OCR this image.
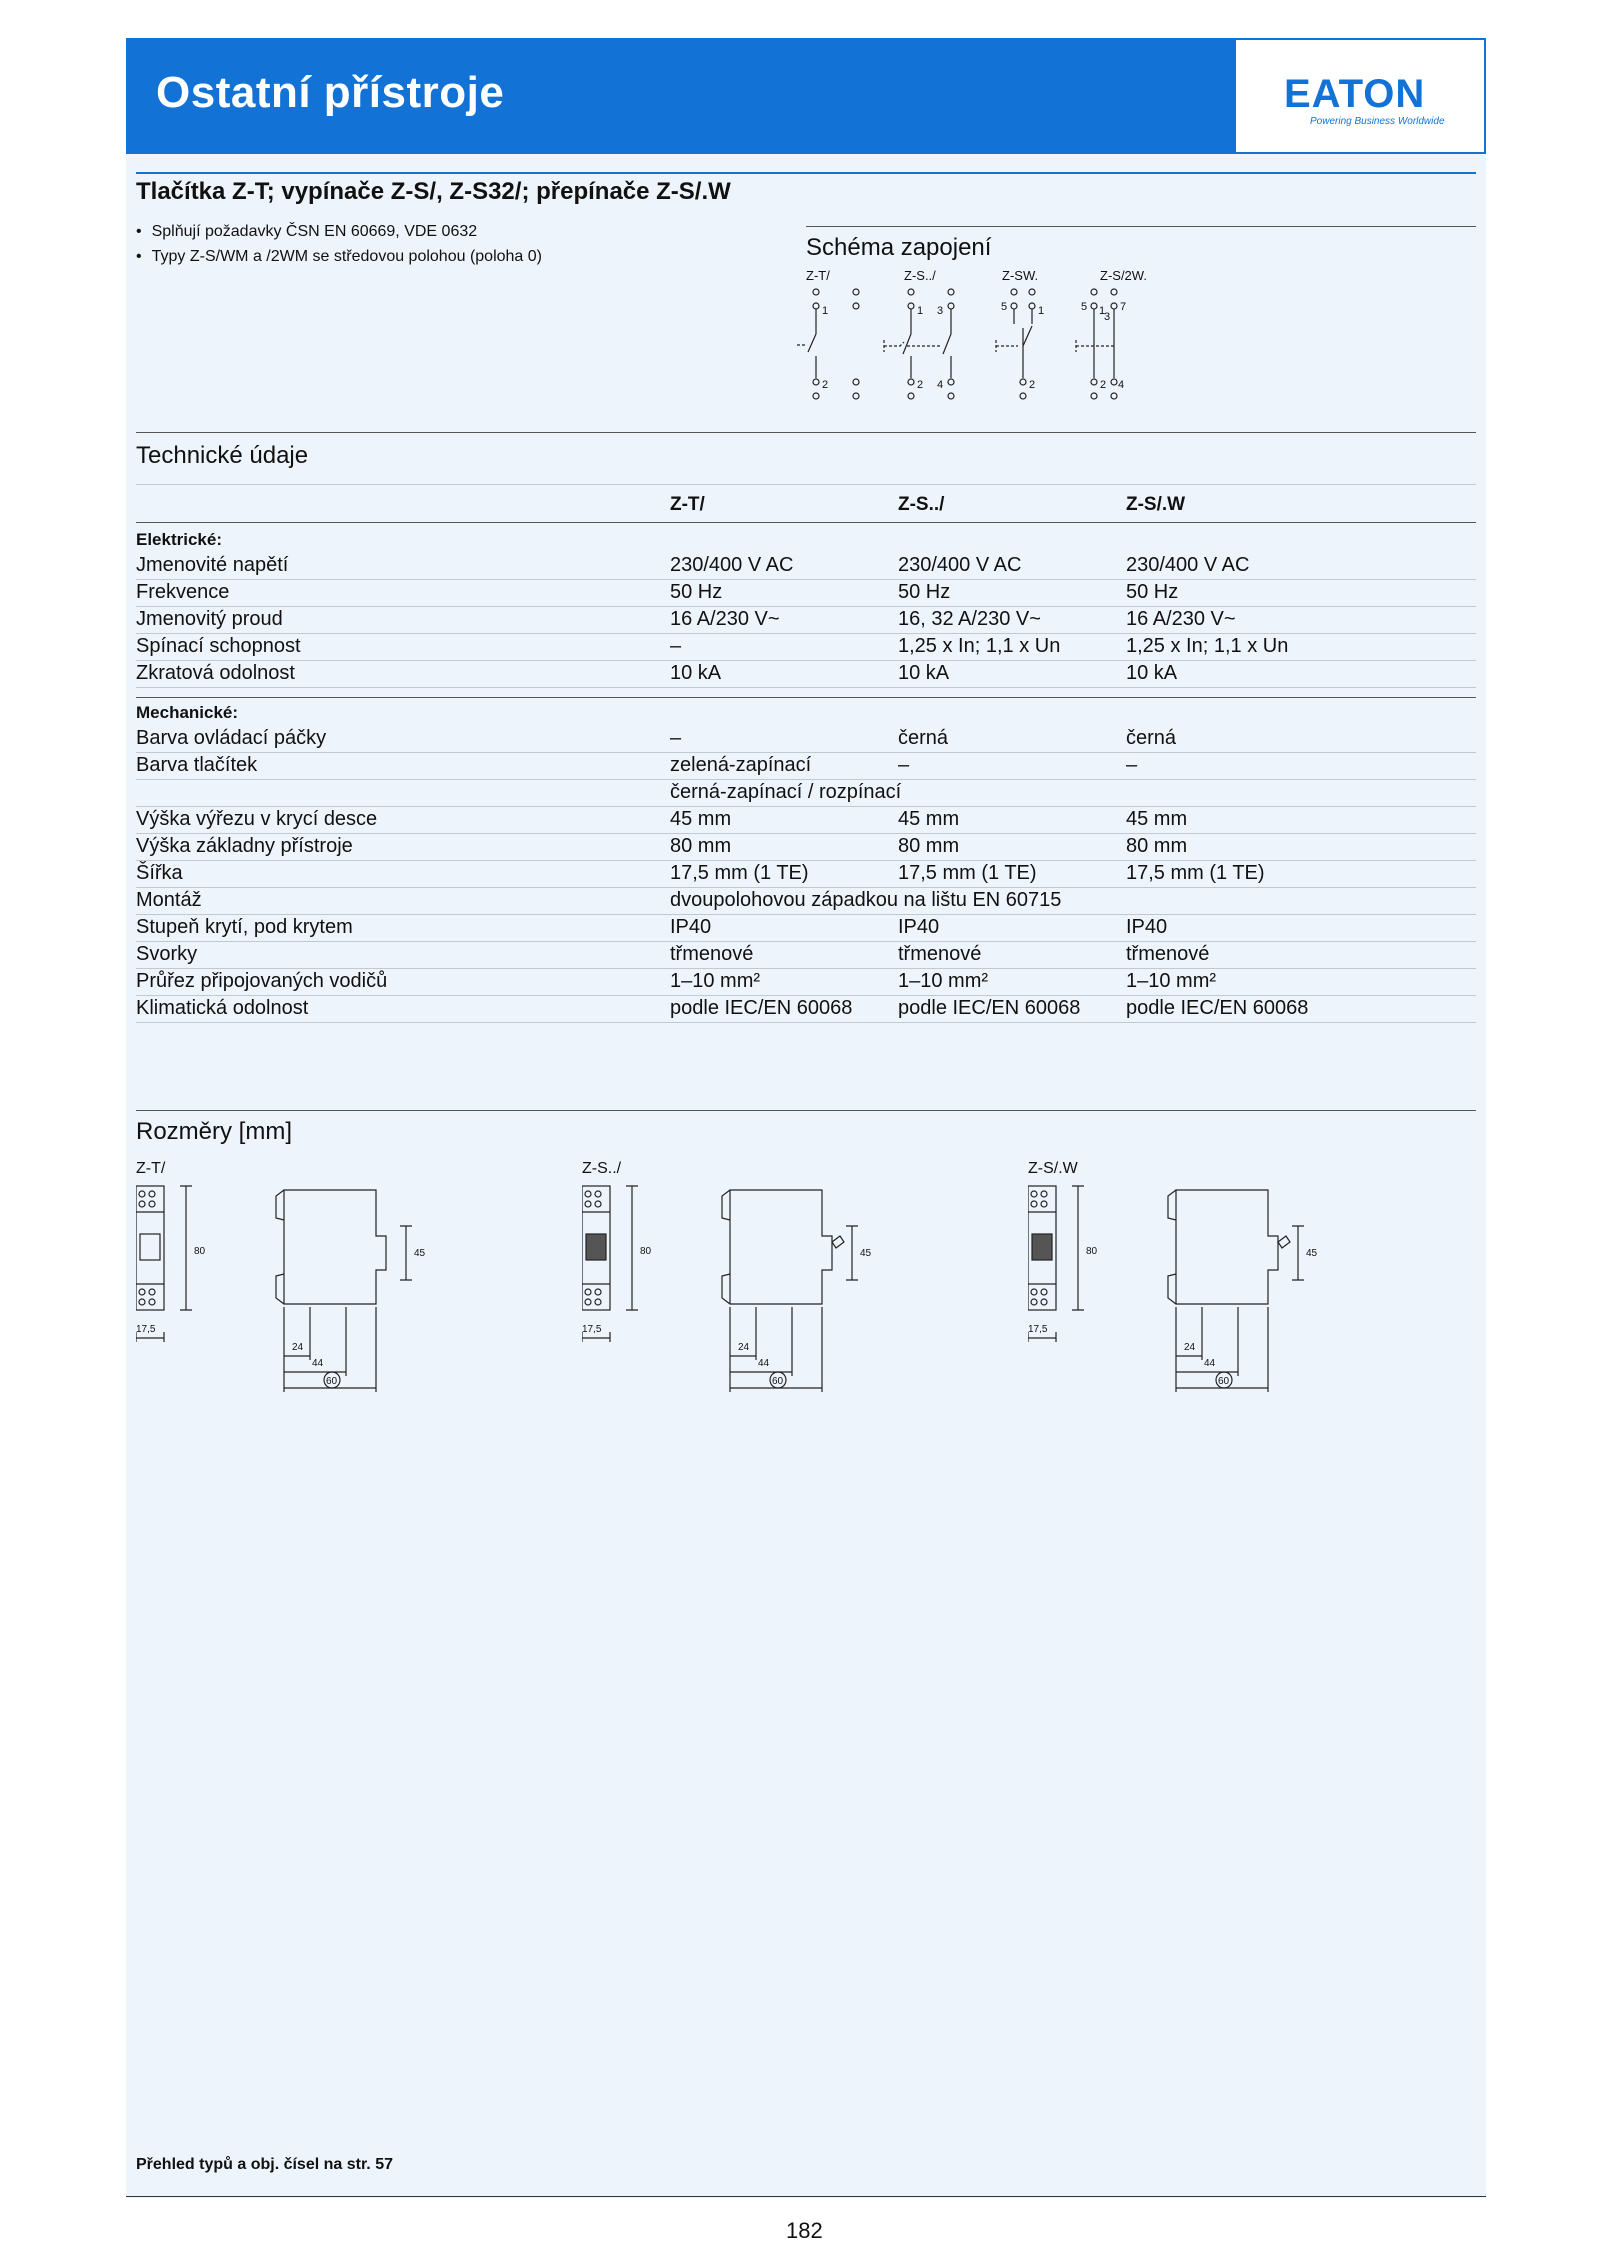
Ostatní přístroje	EATON
Powering Business Worldwide
Tlačítka Z-T; vypínače Z-S/, Z-S32/; přepínače Z-S/.W
• Splňují požadavky ČSN EN 60669, VDE 0632
• Typy Z-S/WM a /2WM se středovou polohou (poloha 0)	Schéma zapojení
Z-T/	Z-S../	Z-SW.	Z-S/2W.
1
2
1 3
2 4
5	1
2
5 1
3
7
2 4
Technické údaje
Z-T/	Z-S../	Z-S/.W
Elektrické:
Jmenovité napětí	230/400 V AC	230/400 V AC	230/400 V AC
Frekvence	50 Hz	50 Hz	50 Hz
Jmenovitý proud	16 A/230 V~	16, 32 A/230 V~	16 A/230 V~
Spínací schopnost	–	1,25 x In; 1,1 x Un	1,25 x In; 1,1 x Un
Zkratová odolnost	10 kA	10 kA	10 kA
Mechanické:
Barva ovládací páčky	–	černá	černá
Barva tlačítek	zelená-zapínací	–	–
černá-zapínací / rozpínací
Výška výřezu v krycí desce	45 mm	45 mm	45 mm
Výška základny přístroje	80 mm	80 mm	80 mm
Šířka	17,5 mm (1 TE)	17,5 mm (1 TE)	17,5 mm (1 TE)
Montáž	dvoupolohovou západkou na lištu EN 60715
Stupeň krytí, pod krytem	IP40	IP40	IP40
Svorky	třmenové	třmenové	třmenové
Průřez připojovaných vodičů	1–10 mm²	1–10 mm²	1–10 mm²
Klimatická odolnost	podle IEC/EN 60068 podle IEC/EN 60068 podle IEC/EN 60068
Rozměry [mm]
Z-T/	Z-S../	Z-S/.W
80
17,5
45
24
44
60
80
17,5
45
24
44
60
80
17,5
45
24
44
60
Přehled typů a obj. čísel na str. 57
182
